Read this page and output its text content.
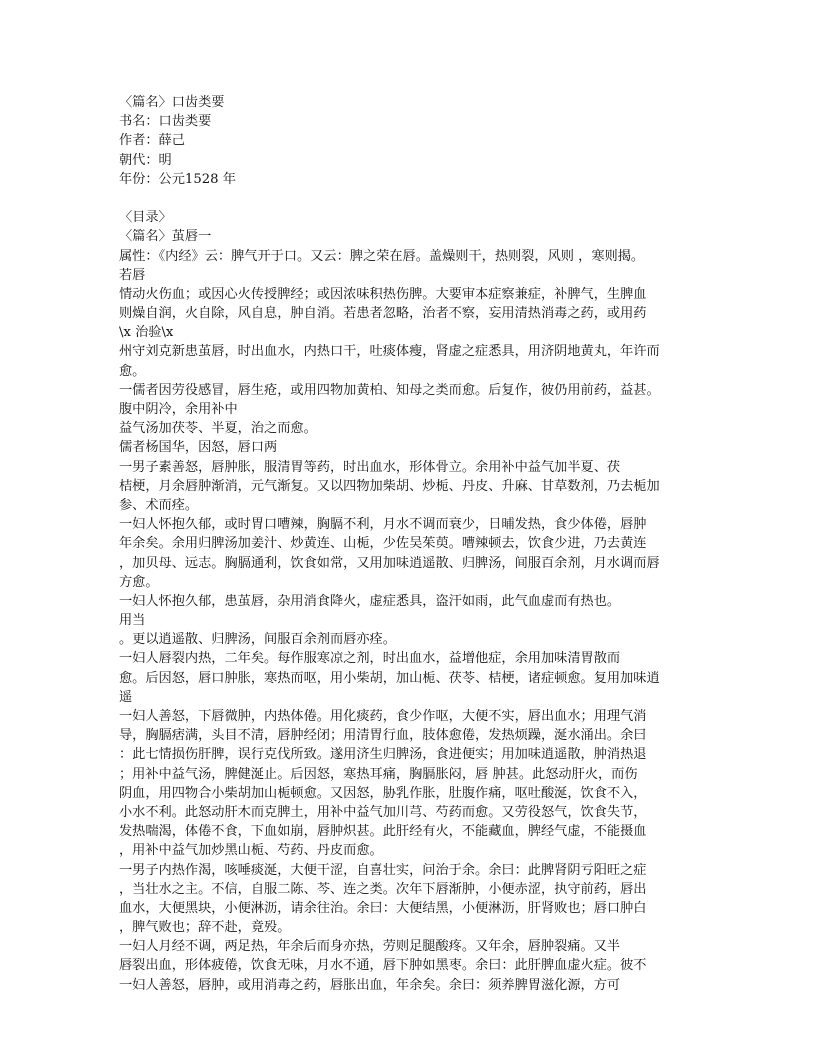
〈篇名〉口齿类要
书名：口齿类要
作者：薛己
朝代：明
年份：公元1528 年
〈目录〉
〈篇名〉茧唇一
属性：《内经》云：脾气开于口。又云：脾之荣在唇。盖燥则干，热则裂，风则 ，寒则揭。
若唇
情动火伤血；或因心火传授脾经；或因浓味积热伤脾。大要审本症察兼症，补脾气，生脾血
则燥自润，火自除，风自息，肿自消。若患者忽略，治者不察，妄用清热消毒之药，或用药
\x 治验\x
州守刘克新患茧唇，时出血水，内热口干，吐痰体瘦，肾虚之症悉具，用济阴地黄丸，年许而
愈。
一儒者因劳役感冒，唇生疮，或用四物加黄柏、知母之类而愈。后复作，彼仍用前药，益甚。
腹中阴冷，余用补中
益气汤加茯苓、半夏，治之而愈。
儒者杨国华，因怒，唇口两
一男子素善怒，唇肿胀，服清胃等药，时出血水，形体骨立。余用补中益气加半夏、茯
桔梗，月余唇肿渐消，元气渐复。又以四物加柴胡、炒栀、丹皮、升麻、甘草数剂，乃去栀加
参、术而痊。
一妇人怀抱久郁，或时胃口嘈辣，胸膈不利，月水不调而衰少，日晡发热，食少体倦，唇肿
年余矣。余用归脾汤加姜汁、炒黄连、山栀，少佐吴茱萸。嘈辣顿去，饮食少进，乃去黄连
，加贝母、远志。胸膈通利，饮食如常，又用加味逍遥散、归脾汤，间服百余剂，月水调而唇
方愈。
一妇人怀抱久郁，患茧唇，杂用消食降火，虚症悉具，盗汗如雨，此气血虚而有热也。
用当
。更以逍遥散、归脾汤，间服百余剂而唇亦痊。
一妇人唇裂内热，二年矣。每作服寒凉之剂，时出血水，益增他症，余用加味清胃散而
愈。后因怒，唇口肿胀，寒热而呕，用小柴胡，加山栀、茯苓、桔梗，诸症顿愈。复用加味逍
遥
一妇人善怒，下唇微肿，内热体倦。用化痰药，食少作呕，大便不实，唇出血水；用理气消
导，胸膈痞满，头目不清，唇肿经闭；用清胃行血，肢体愈倦，发热烦躁，涎水涌出。余曰
：此七情损伤肝脾，误行克伐所致。遂用济生归脾汤，食进便实；用加味逍遥散，肿消热退
；用补中益气汤，脾健涎止。后因怒，寒热耳痛，胸膈胀闷，唇 肿甚。此怒动肝火，而伤
阴血，用四物合小柴胡加山栀顿愈。又因怒，胁乳作胀，肚腹作痛，呕吐酸涎，饮食不入，
小水不利。此怒动肝木而克脾土，用补中益气加川芎、芍药而愈。又劳役怒气，饮食失节，
发热喘渴，体倦不食，下血如崩，唇肿炽甚。此肝经有火，不能藏血，脾经气虚，不能摄血
，用补中益气加炒黑山栀、芍药、丹皮而愈。
一男子内热作渴，咳唾痰涎，大便干涩，自喜壮实，问治于余。余曰：此脾肾阴亏阳旺之症
，当壮水之主。不信，自服二陈、芩、连之类。次年下唇渐肿，小便赤涩，执守前药，唇出
血水，大便黑块，小便淋沥，请余往治。余曰：大便结黑，小便淋沥，肝肾败也；唇口肿白
，脾气败也；辞不赴，竟殁。
一妇人月经不调，两足热，年余后而身亦热，劳则足腿酸疼。又年余，唇肿裂痛。又半
唇裂出血，形体疲倦，饮食无味，月水不通，唇下肿如黑枣。余曰：此肝脾血虚火症。彼不
一妇人善怒，唇肿，或用消毒之药，唇胀出血，年余矣。余曰：须养脾胃滋化源，方可
